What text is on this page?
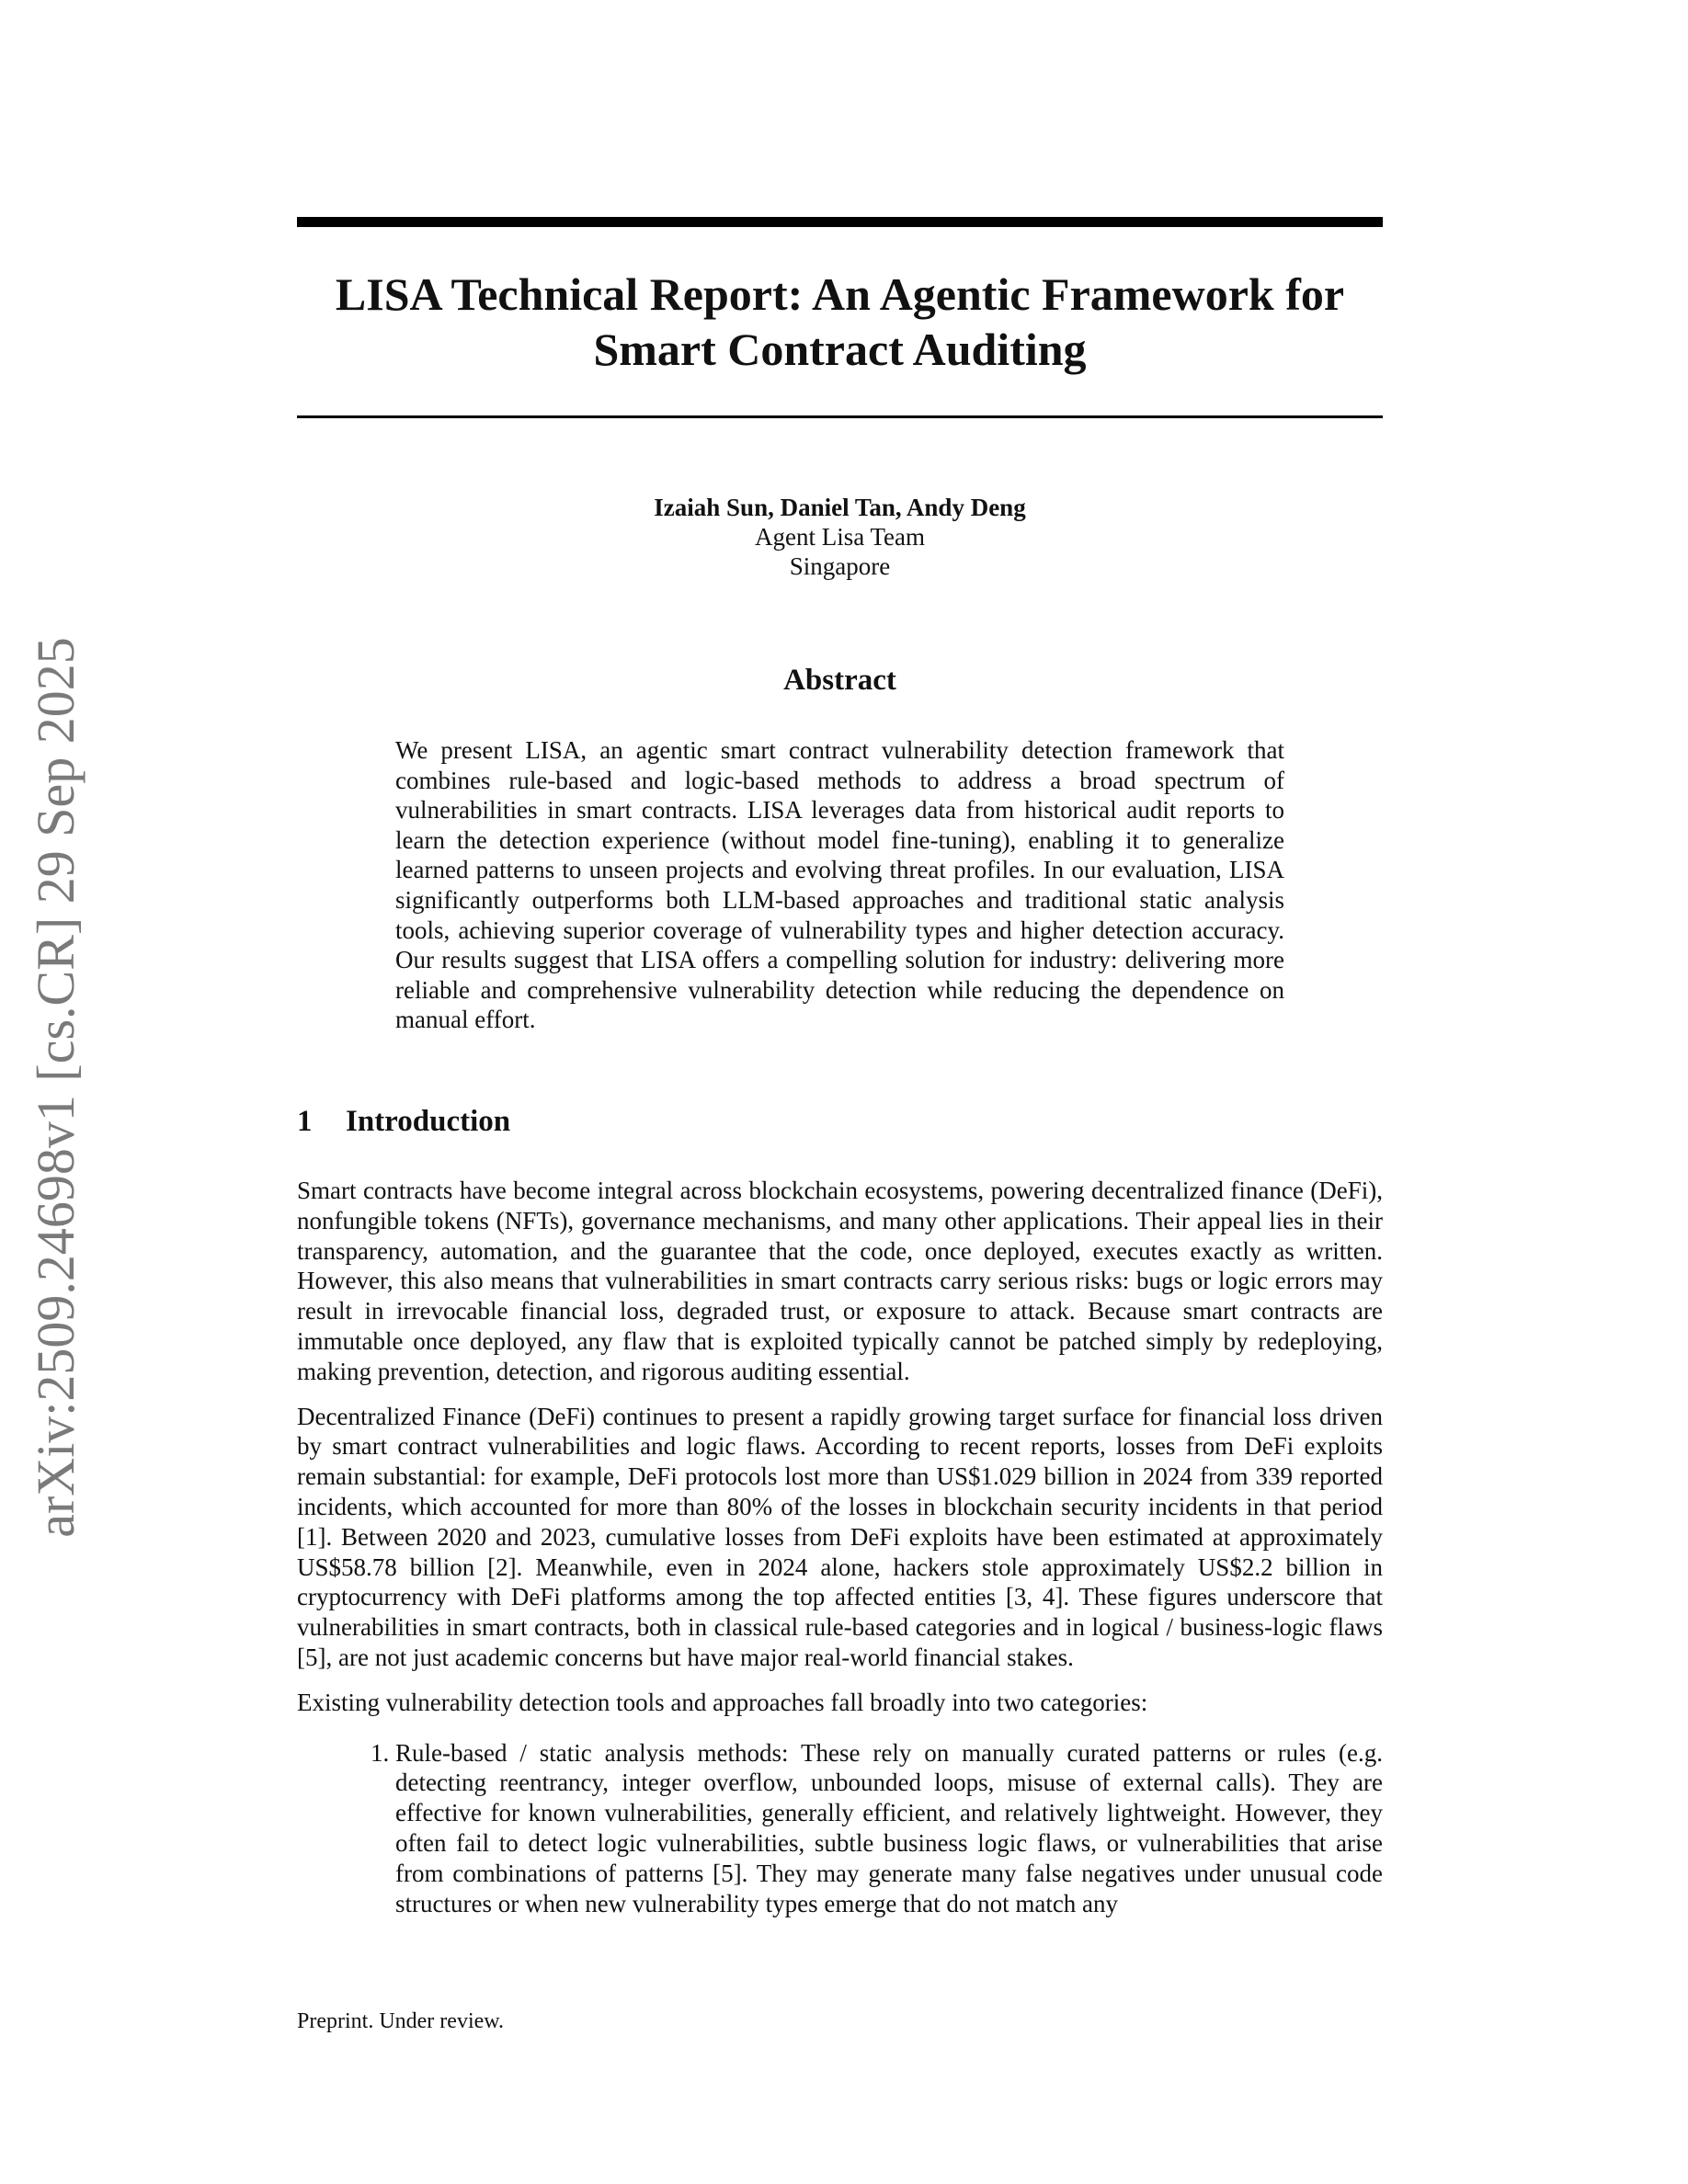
arXiv:2509.24698v1 [cs.CR] 29 Sep 2025
LISA Technical Report: An Agentic Framework for
Smart Contract Auditing
Izaiah Sun, Daniel Tan, Andy Deng
Agent Lisa Team
Singapore
Abstract
We present LISA, an agentic smart contract vulnerability detection framework that combines rule-based and logic-based methods to address a broad spectrum of vulnerabilities in smart contracts. LISA leverages data from historical audit reports to learn the detection experience (without model fine-tuning), enabling it to generalize learned patterns to unseen projects and evolving threat profiles. In our evaluation, LISA significantly outperforms both LLM-based approaches and traditional static analysis tools, achieving superior coverage of vulnerability types and higher detection accuracy. Our results suggest that LISA offers a compelling solution for industry: delivering more reliable and comprehensive vulnerability detection while reducing the dependence on manual effort.
1 Introduction

Smart contracts have become integral across blockchain ecosystems, powering decentralized finance (DeFi), nonfungible tokens (NFTs), governance mechanisms, and many other applications. Their appeal lies in their transparency, automation, and the guarantee that the code, once deployed, executes exactly as written. However, this also means that vulnerabilities in smart contracts carry serious risks: bugs or logic errors may result in irrevocable financial loss, degraded trust, or exposure to attack. Because smart contracts are immutable once deployed, any flaw that is exploited typically cannot be patched simply by redeploying, making prevention, detection, and rigorous auditing essential.

Decentralized Finance (DeFi) continues to present a rapidly growing target surface for financial loss driven by smart contract vulnerabilities and logic flaws. According to recent reports, losses from DeFi exploits remain substantial: for example, DeFi protocols lost more than US$1.029 billion in 2024 from 339 reported incidents, which accounted for more than 80% of the losses in blockchain security incidents in that period [1]. Between 2020 and 2023, cumulative losses from DeFi exploits have been estimated at approximately US$58.78 billion [2]. Meanwhile, even in 2024 alone, hackers stole approximately US$2.2 billion in cryptocurrency with DeFi platforms among the top affected entities [3, 4]. These figures underscore that vulnerabilities in smart contracts, both in classical rule-based categories and in logical / business-logic flaws [5], are not just academic concerns but have major real-world financial stakes.

Existing vulnerability detection tools and approaches fall broadly into two categories:

1. Rule-based / static analysis methods: These rely on manually curated patterns or rules (e.g. detecting reentrancy, integer overflow, unbounded loops, misuse of external calls). They are effective for known vulnerabilities, generally efficient, and relatively lightweight. However, they often fail to detect logic vulnerabilities, subtle business logic flaws, or vulnerabilities that arise from combinations of patterns [5]. They may generate many false negatives under unusual code structures or when new vulnerability types emerge that do not match any
Preprint. Under review.
